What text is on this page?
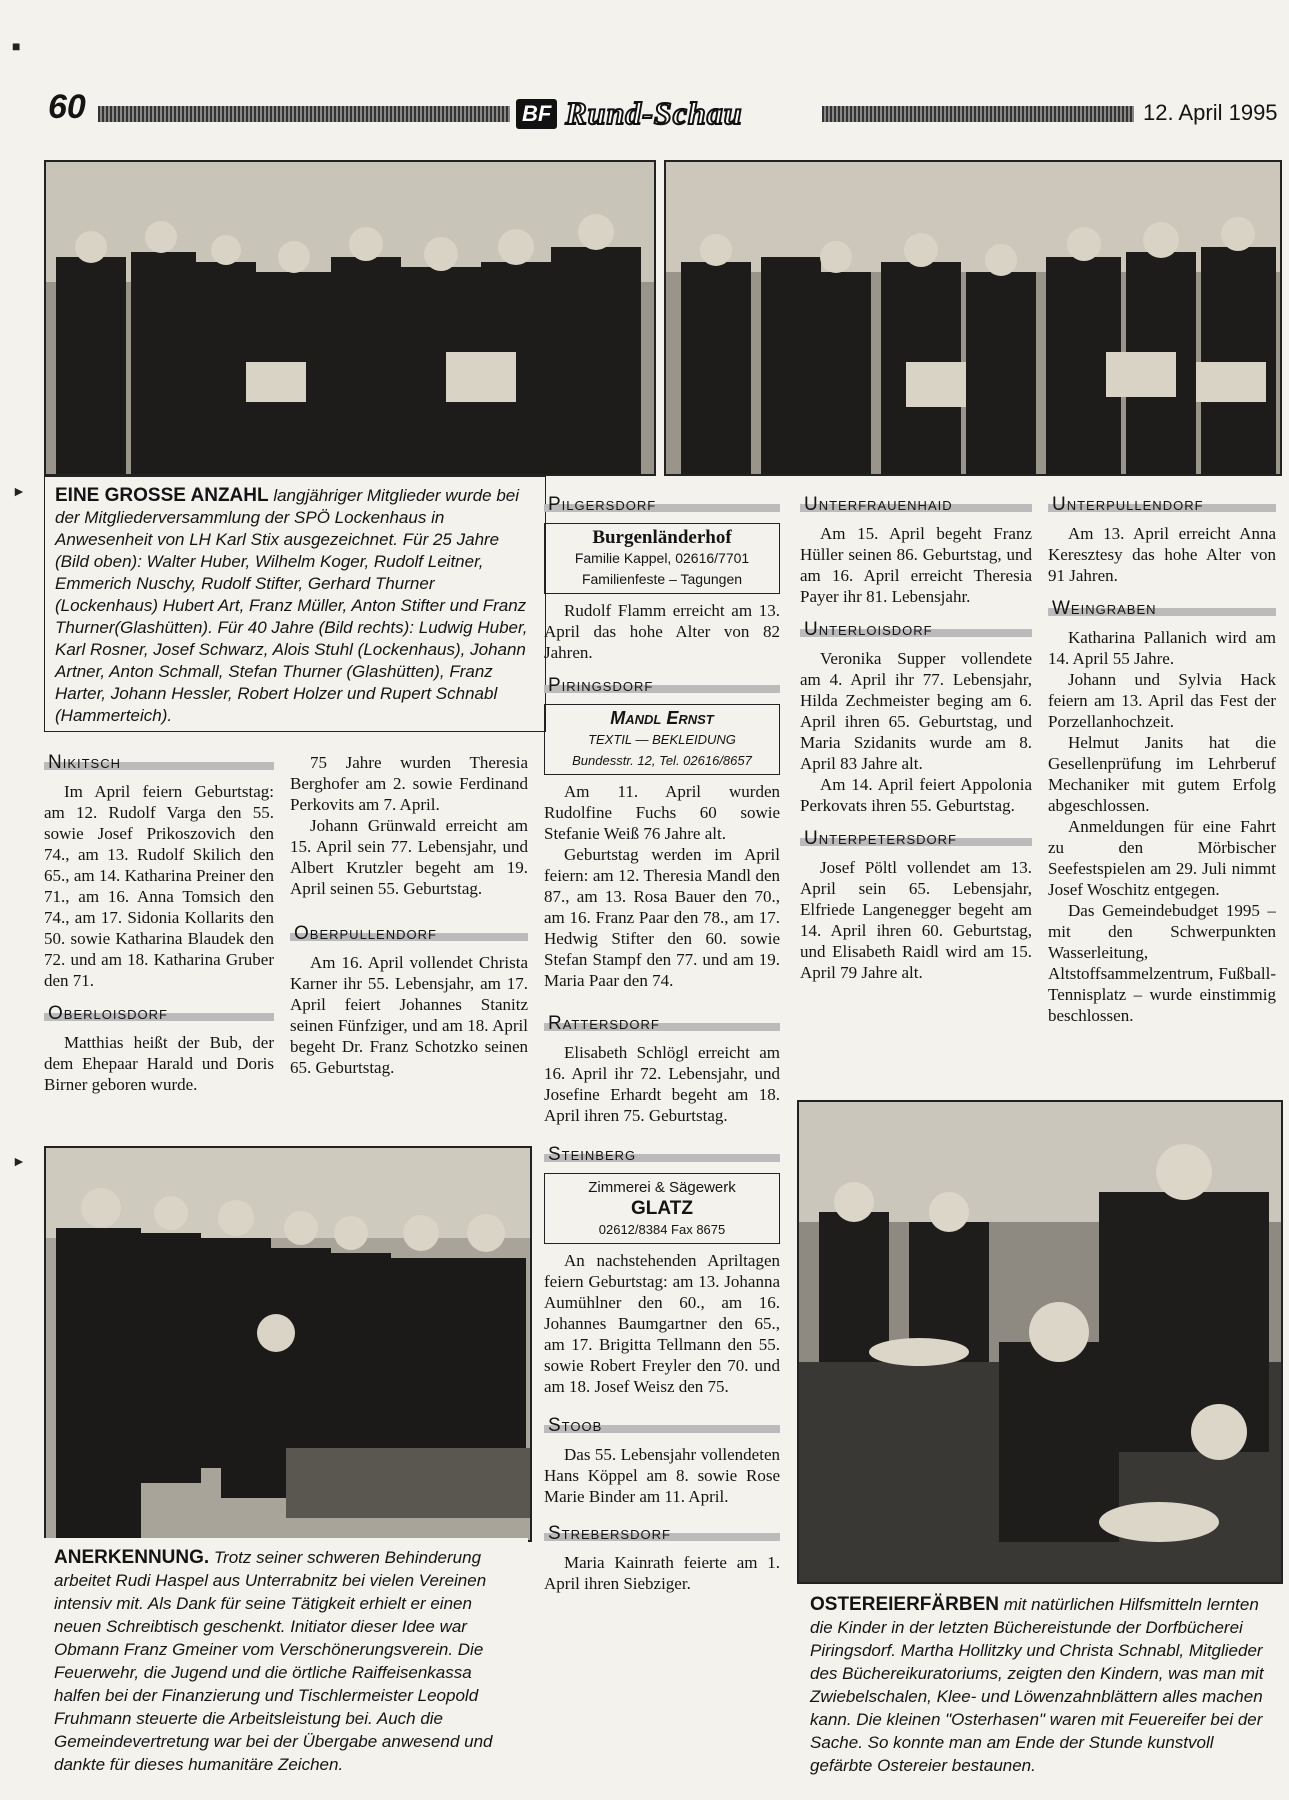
■
►
►
60	BF Rund-Schau	12. April 1995
EINE GROSSE ANZAHL langjähriger Mitglieder wurde bei der Mitgliederversammlung der SPÖ Lockenhaus in Anwesenheit von LH Karl Stix ausgezeichnet. Für 25 Jahre (Bild oben): Walter Huber, Wilhelm Koger, Rudolf Leitner, Emmerich Nuschy, Rudolf Stifter, Gerhard Thurner (Lockenhaus) Hubert Art, Franz Müller, Anton Stifter und Franz Thurner(Glashütten). Für 40 Jahre (Bild rechts): Ludwig Huber, Karl Rosner, Josef Schwarz, Alois Stuhl (Lockenhaus), Johann Artner, Anton Schmall, Stefan Thurner (Glashütten), Franz Harter, Johann Hessler, Robert Holzer und Rupert Schnabl (Hammerteich).
Nikitsch

Im April feiern Geburtstag: am 12. Rudolf Varga den 55. sowie Josef Prikoszovich den 74., am 13. Rudolf Skilich den 65., am 14. Katharina Preiner den 71., am 16. Anna Tomsich den 74., am 17. Sidonia Kollarits den 50. sowie Katharina Blaudek den 72. und am 18. Katharina Gruber den 71.

Oberloisdorf

Matthias heißt der Bub, der dem Ehepaar Harald und Doris Birner geboren wurde.

75 Jahre wurden Theresia Berghofer am 2. sowie Ferdinand Perkovits am 7. April.

Johann Grünwald erreicht am 15. April sein 77. Lebensjahr, und Albert Krutzler begeht am 19. April seinen 55. Geburtstag.

Oberpullendorf

Am 16. April vollendet Christa Karner ihr 55. Lebensjahr, am 17. April feiert Johannes Stanitz seinen Fünfziger, und am 18. April begeht Dr. Franz Schotzko seinen 65. Geburtstag.

Pilgersdorf
Burgenländerhof
Familie Kappel, 02616/7701
Familienfeste – Tagungen

Rudolf Flamm erreicht am 13. April das hohe Alter von 82 Jahren.

Piringsdorf
Mandl Ernst
TEXTIL — BEKLEIDUNG
Bundesstr. 12, Tel. 02616/8657

Am 11. April wurden Rudolfine Fuchs 60 sowie Stefanie Weiß 76 Jahre alt.

Geburtstag werden im April feiern: am 12. Theresia Mandl den 87., am 13. Rosa Bauer den 70., am 16. Franz Paar den 78., am 17. Hedwig Stifter den 60. sowie Stefan Stampf den 77. und am 19. Maria Paar den 74.

Rattersdorf

Elisabeth Schlögl erreicht am 16. April ihr 72. Lebensjahr, und Josefine Erhardt begeht am 18. April ihren 75. Geburtstag.

Steinberg
Zimmerei & Sägewerk
GLATZ
02612/8384 Fax 8675

An nachstehenden Apriltagen feiern Geburtstag: am 13. Johanna Aumühlner den 60., am 16. Johannes Baumgartner den 65., am 17. Brigitta Tellmann den 55. sowie Robert Freyler den 70. und am 18. Josef Weisz den 75.

Stoob

Das 55. Lebensjahr vollendeten Hans Köppel am 8. sowie Rose Marie Binder am 11. April.

Strebersdorf

Maria Kainrath feierte am 1. April ihren Siebziger.

Unterfrauenhaid

Am 15. April begeht Franz Hüller seinen 86. Geburtstag, und am 16. April erreicht Theresia Payer ihr 81. Lebensjahr.

Unterloisdorf

Veronika Supper vollendete am 4. April ihr 77. Lebensjahr, Hilda Zechmeister beging am 6. April ihren 65. Geburtstag, und Maria Szidanits wurde am 8. April 83 Jahre alt.

Am 14. April feiert Appolonia Perkovats ihren 55. Geburtstag.

Unterpetersdorf

Josef Pöltl vollendet am 13. April sein 65. Lebensjahr, Elfriede Langenegger begeht am 14. April ihren 60. Geburtstag, und Elisabeth Raidl wird am 15. April 79 Jahre alt.

Unterpullendorf

Am 13. April erreicht Anna Keresztesy das hohe Alter von 91 Jahren.

Weingraben

Katharina Pallanich wird am 14. April 55 Jahre.

Johann und Sylvia Hack feiern am 13. April das Fest der Porzellanhochzeit.

Helmut Janits hat die Gesellenprüfung im Lehrberuf Mechaniker mit gutem Erfolg abgeschlossen.

Anmeldungen für eine Fahrt zu den Mörbischer Seefestspielen am 29. Juli nimmt Josef Woschitz entgegen.

Das Gemeindebudget 1995 – mit den Schwerpunkten Wasserleitung, Altstoffsammelzentrum, Fußball-Tennisplatz – wurde einstimmig beschlossen.

ANERKENNUNG. Trotz seiner schweren Behinderung arbeitet Rudi Haspel aus Unterrabnitz bei vielen Vereinen intensiv mit. Als Dank für seine Tätigkeit erhielt er einen neuen Schreibtisch geschenkt. Initiator dieser Idee war Obmann Franz Gmeiner vom Verschönerungsverein. Die Feuerwehr, die Jugend und die örtliche Raiffeisenkassa halfen bei der Finanzierung und Tischlermeister Leopold Fruhmann steuerte die Arbeitsleistung bei. Auch die Gemeindevertretung war bei der Übergabe anwesend und dankte für dieses humanitäre Zeichen.
OSTEREIERFÄRBEN mit natürlichen Hilfsmitteln lernten die Kinder in der letzten Büchereistunde der Dorfbücherei Piringsdorf. Martha Hollitzky und Christa Schnabl, Mitglieder des Büchereikuratoriums, zeigten den Kindern, was man mit Zwiebelschalen, Klee- und Löwenzahnblättern alles machen kann. Die kleinen "Osterhasen" waren mit Feuereifer bei der Sache. So konnte man am Ende der Stunde kunstvoll gefärbte Ostereier bestaunen.
